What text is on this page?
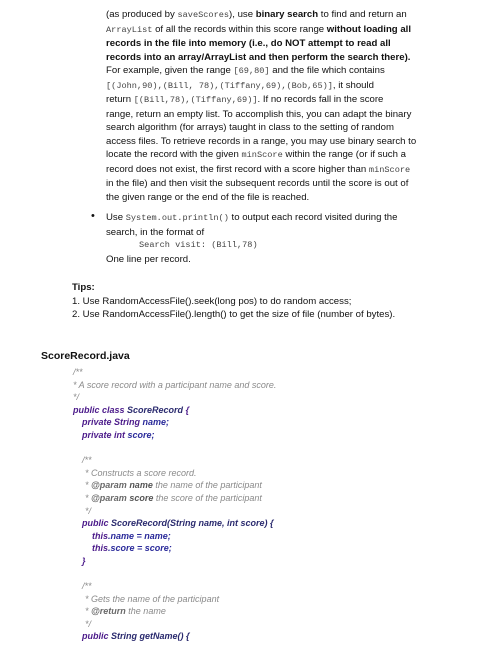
(as produced by saveScores), use binary search to find and return an
ArrayList of all the records within this score range without loading all
records in the file into memory (i.e., do NOT attempt to read all
records into an array/ArrayList and then perform the search there).
For example, given the range [69,80] and the file which contains
[(John,90),(Bill, 78),(Tiffany,69),(Bob,65)], it should
return [(Bill,78),(Tiffany,69)]. If no records fall in the score
range, return an empty list. To accomplish this, you can adapt the binary
search algorithm (for arrays) taught in class to the setting of random
access files. To retrieve records in a range, you may use binary search to
locate the record with the given minScore within the range (or if such a
record does not exist, the first record with a score higher than minScore
in the file) and then visit the subsequent records until the score is out of
the given range or the end of the file is reached.
• Use System.out.println() to output each record visited during the
search, in the format of
Search visit: (Bill,78)
One line per record.
Tips:
1. Use RandomAccessFile().seek(long pos) to do random access;
2. Use RandomAccessFile().length() to get the size of file (number of bytes).
ScoreRecord.java
/**
* A score record with a participant name and score.
*/
public class ScoreRecord {
private String name;
private int score;
/**
* Constructs a score record.
* @param name the name of the participant
* @param score the score of the participant
*/
public ScoreRecord(String name, int score) {
this.name = name;
this.score = score;
}
/**
* Gets the name of the participant
* @return the name
*/
public String getName() {
